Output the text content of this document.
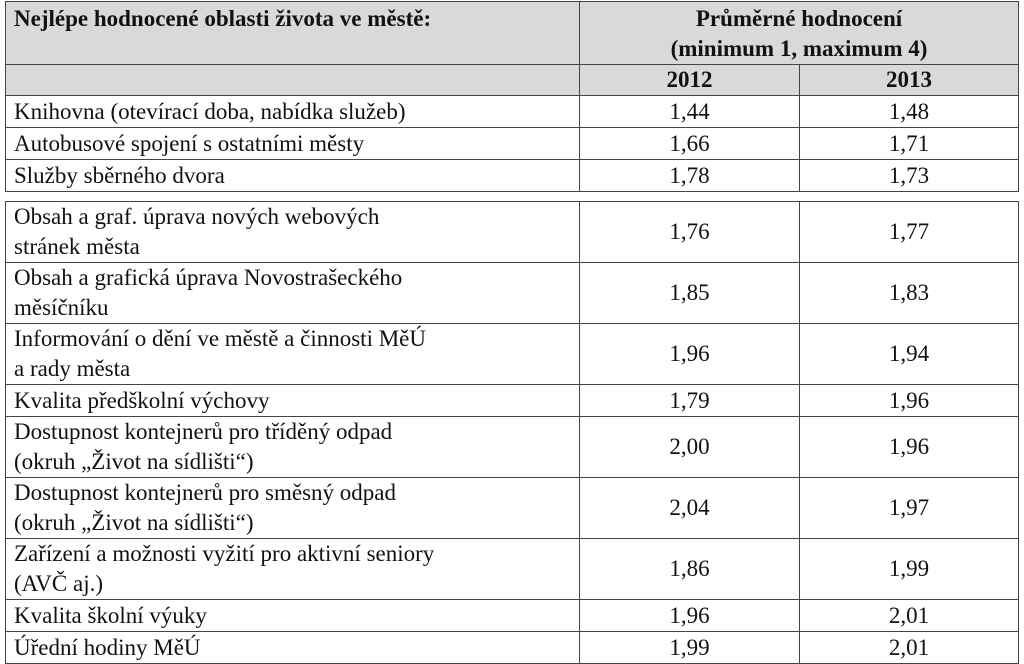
Nejlépe hodnocené oblasti života ve městě:	Průměrné hodnocení
(minimum 1, maximum 4)	

	2012	2013

Knihovna (otevírací doba, nabídka služeb)	1,44	1,48

Autobusové spojení s ostatními městy	1,66	1,71

Služby sběrného dvora	1,78	1,73

Obsah a graf. úprava nových webových
stránek města	1,76	1,77

Obsah a grafická úprava Novostrašeckého
měsíčníku	1,85	1,83

Informování o dění ve městě a činnosti MěÚ
a rady města	1,96	1,94

Kvalita předškolní výchovy	1,79	1,96

Dostupnost kontejnerů pro tříděný odpad
(okruh „Život na sídlišti“)	2,00	1,96

Dostupnost kontejnerů pro směsný odpad
(okruh „Život na sídlišti“)	2,04	1,97

Zařízení a možnosti vyžití pro aktivní seniory
(AVČ aj.)	1,86	1,99

Kvalita školní výuky	1,96	2,01

Úřední hodiny MěÚ	1,99	2,01
